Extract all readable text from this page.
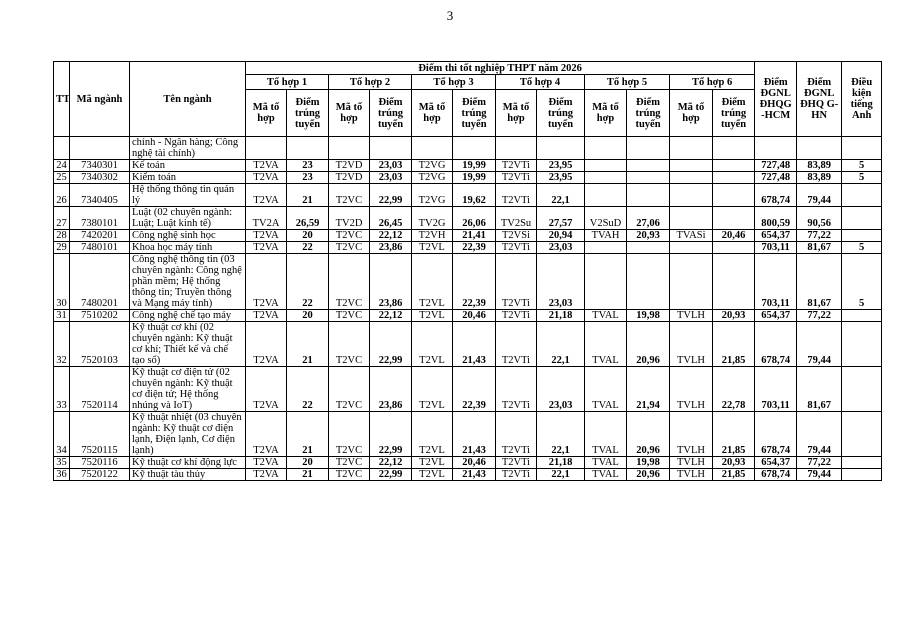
3
TT	Mã ngành	Tên ngành	Điểm thi tốt nghiệp THPT năm 2026												Điểm ĐGNL ĐHQG -HCM	Điểm ĐGNL ĐHQ G-HN	Điều kiện tiếng Anh
			Tổ hợp 1		Tổ hợp 2		Tổ hợp 3		Tổ hợp 4		Tổ hợp 5		Tổ hợp 6				
			Mã tổ hợp	Điểm trúng tuyển	Mã tổ hợp	Điểm trúng tuyển	Mã tổ hợp	Điểm trúng tuyển	Mã tổ hợp	Điểm trúng tuyển	Mã tổ hợp	Điểm trúng tuyển	Mã tổ hợp	Điểm trúng tuyển			
		chính - Ngân hàng; Công nghệ tài chính)															
24	7340301	Kế toán	T2VA	23	T2VD	23,03	T2VG	19,99	T2VTi	23,95					727,48	83,89	5
25	7340302	Kiểm toán	T2VA	23	T2VD	23,03	T2VG	19,99	T2VTi	23,95					727,48	83,89	5
26	7340405	Hệ thống thông tin quản lý	T2VA	21	T2VC	22,99	T2VG	19,62	T2VTi	22,1					678,74	79,44	
27	7380101	Luật (02 chuyên ngành: Luật; Luật kinh tế)	TV2A	26,59	TV2D	26,45	TV2G	26,06	TV2Su	27,57	V2SuD	27,06			800,59	90,56	
28	7420201	Công nghệ sinh học	T2VA	20	T2VC	22,12	T2VH	21,41	T2VSi	20,94	TVAH	20,93	TVASi	20,46	654,37	77,22	
29	7480101	Khoa học máy tính	T2VA	22	T2VC	23,86	T2VL	22,39	T2VTi	23,03					703,11	81,67	5
30	7480201	Công nghệ thông tin (03 chuyên ngành: Công nghệ phần mềm; Hệ thống thông tin; Truyền thông và Mạng máy tính)	T2VA	22	T2VC	23,86	T2VL	22,39	T2VTi	23,03					703,11	81,67	5
31	7510202	Công nghệ chế tạo máy	T2VA	20	T2VC	22,12	T2VL	20,46	T2VTi	21,18	TVAL	19,98	TVLH	20,93	654,37	77,22	
32	7520103	Kỹ thuật cơ khí (02 chuyên ngành: Kỹ thuật cơ khí; Thiết kế và chế tạo số)	T2VA	21	T2VC	22,99	T2VL	21,43	T2VTi	22,1	TVAL	20,96	TVLH	21,85	678,74	79,44	
33	7520114	Kỹ thuật cơ điện tử (02 chuyên ngành: Kỹ thuật cơ điện tử; Hệ thống nhúng và IoT)	T2VA	22	T2VC	23,86	T2VL	22,39	T2VTi	23,03	TVAL	21,94	TVLH	22,78	703,11	81,67	
34	7520115	Kỹ thuật nhiệt (03 chuyên ngành: Kỹ thuật cơ điện lạnh, Điện lạnh, Cơ điện lạnh)	T2VA	21	T2VC	22,99	T2VL	21,43	T2VTi	22,1	TVAL	20,96	TVLH	21,85	678,74	79,44	
35	7520116	Kỹ thuật cơ khí động lực	T2VA	20	T2VC	22,12	T2VL	20,46	T2VTi	21,18	TVAL	19,98	TVLH	20,93	654,37	77,22	
36	7520122	Kỹ thuật tàu thủy	T2VA	21	T2VC	22,99	T2VL	21,43	T2VTi	22,1	TVAL	20,96	TVLH	21,85	678,74	79,44	
